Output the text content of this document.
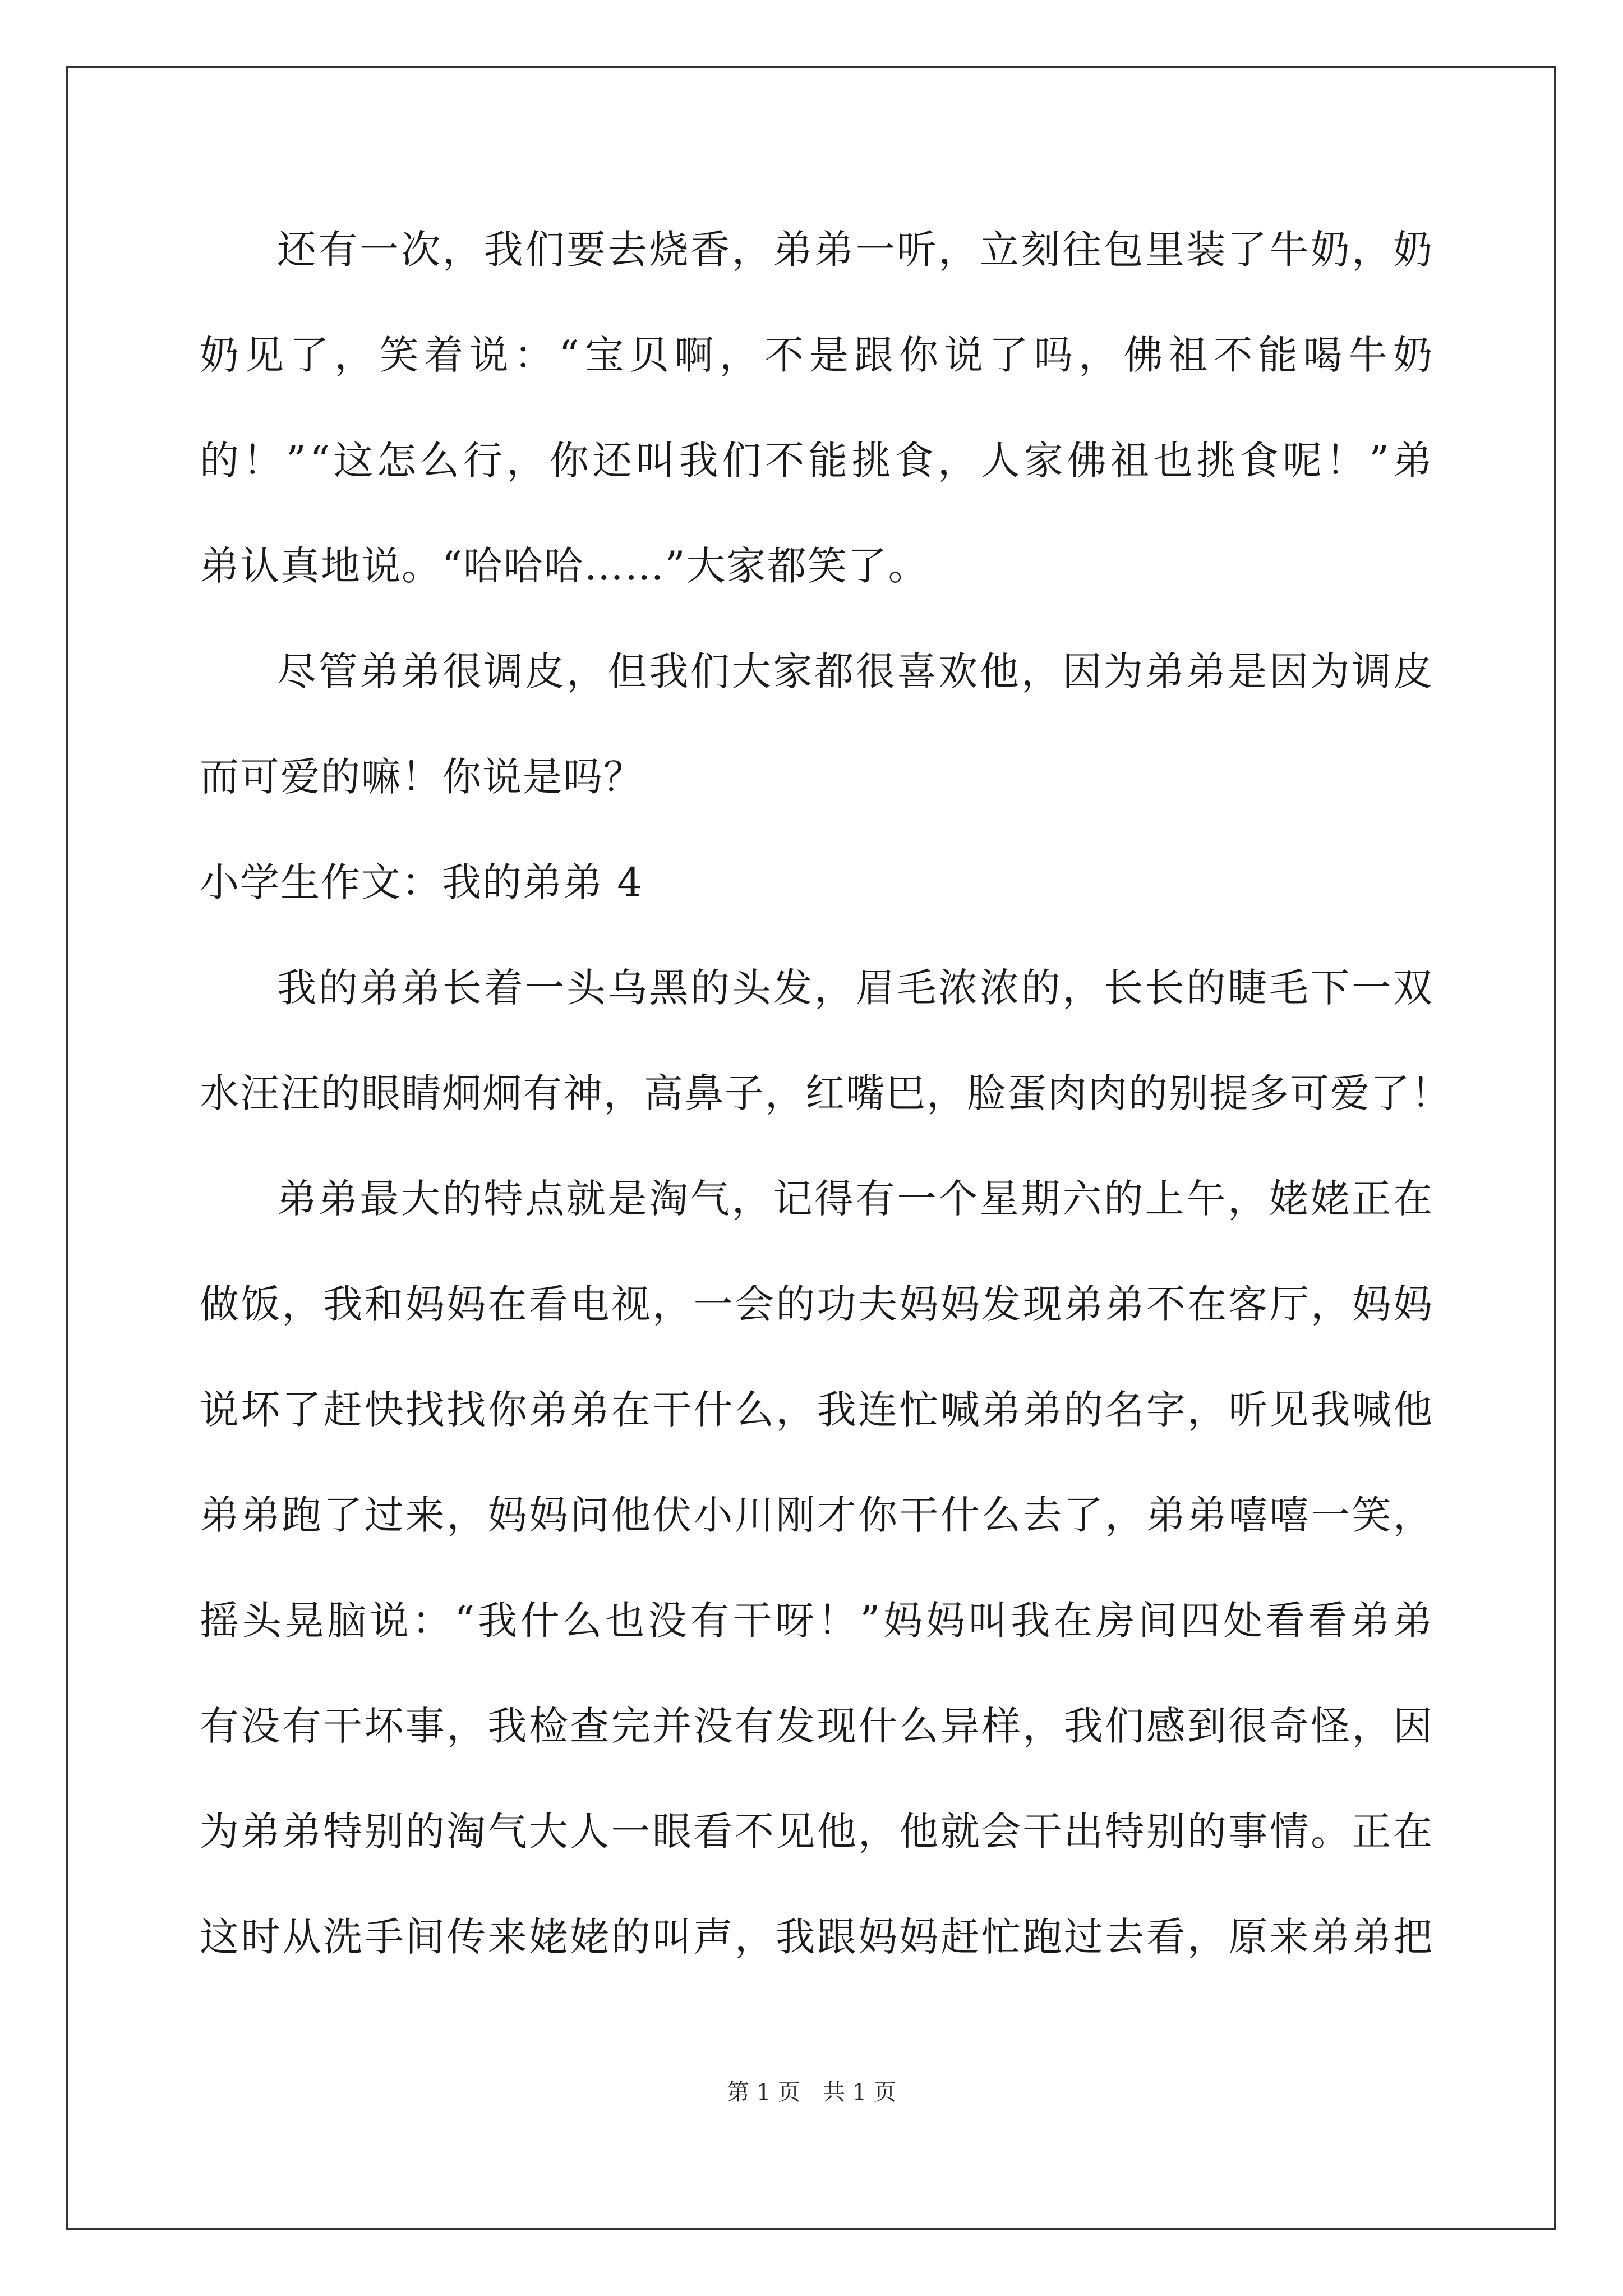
还 有 一 次 ， 我 们 要 去 烧 香 ， 弟 弟 一 听 ， 立 刻 往 包 里 装 了 牛 奶 ， 奶
奶 见 了 ， 笑 着 说 ： “ 宝 贝 啊 ， 不 是 跟 你 说 了 吗 ， 佛 祖 不 能 喝 牛 奶
的 ！ ” “ 这 怎 么 行 ， 你 还 叫 我 们 不 能 挑 食 ， 人 家 佛 祖 也 挑 食 呢 ！ ” 弟
弟认真地说。“哈哈哈……”大家都笑了。
尽 管 弟 弟 很 调 皮 ， 但 我 们 大 家 都 很 喜 欢 他 ， 因 为 弟 弟 是 因 为 调 皮
而可爱的嘛！你说是吗？
小学生作文：我的弟弟 4
我 的 弟 弟 长 着 一 头 乌 黑 的 头 发 ， 眉 毛 浓 浓 的 ， 长 长 的 睫 毛 下 一 双
水 汪 汪 的 眼 睛 炯 炯 有 神 ， 高 鼻 子 ， 红 嘴 巴 ， 脸 蛋 肉 肉 的 别 提 多 可 爱 了 ！
弟 弟 最 大 的 特 点 就 是 淘 气 ， 记 得 有 一 个 星 期 六 的 上 午 ， 姥 姥 正 在
做 饭 ， 我 和 妈 妈 在 看 电 视 ， 一 会 的 功 夫 妈 妈 发 现 弟 弟 不 在 客 厅 ， 妈 妈
说 坏 了 赶 快 找 找 你 弟 弟 在 干 什 么 ， 我 连 忙 喊 弟 弟 的 名 字 ， 听 见 我 喊 他
弟 弟 跑 了 过 来 ， 妈 妈 问 他 伏 小 川 刚 才 你 干 什 么 去 了 ， 弟 弟 嘻 嘻 一 笑 ，
摇 头 晃 脑 说 ： “ 我 什 么 也 没 有 干 呀 ！ ” 妈 妈 叫 我 在 房 间 四 处 看 看 弟 弟
有 没 有 干 坏 事 ， 我 检 查 完 并 没 有 发 现 什 么 异 样 ， 我 们 感 到 很 奇 怪 ， 因
为 弟 弟 特 别 的 淘 气 大 人 一 眼 看 不 见 他 ， 他 就 会 干 出 特 别 的 事 情 。 正 在
这 时 从 洗 手 间 传 来 姥 姥 的 叫 声 ， 我 跟 妈 妈 赶 忙 跑 过 去 看 ， 原 来 弟 弟 把
第 1 页　共 1 页
